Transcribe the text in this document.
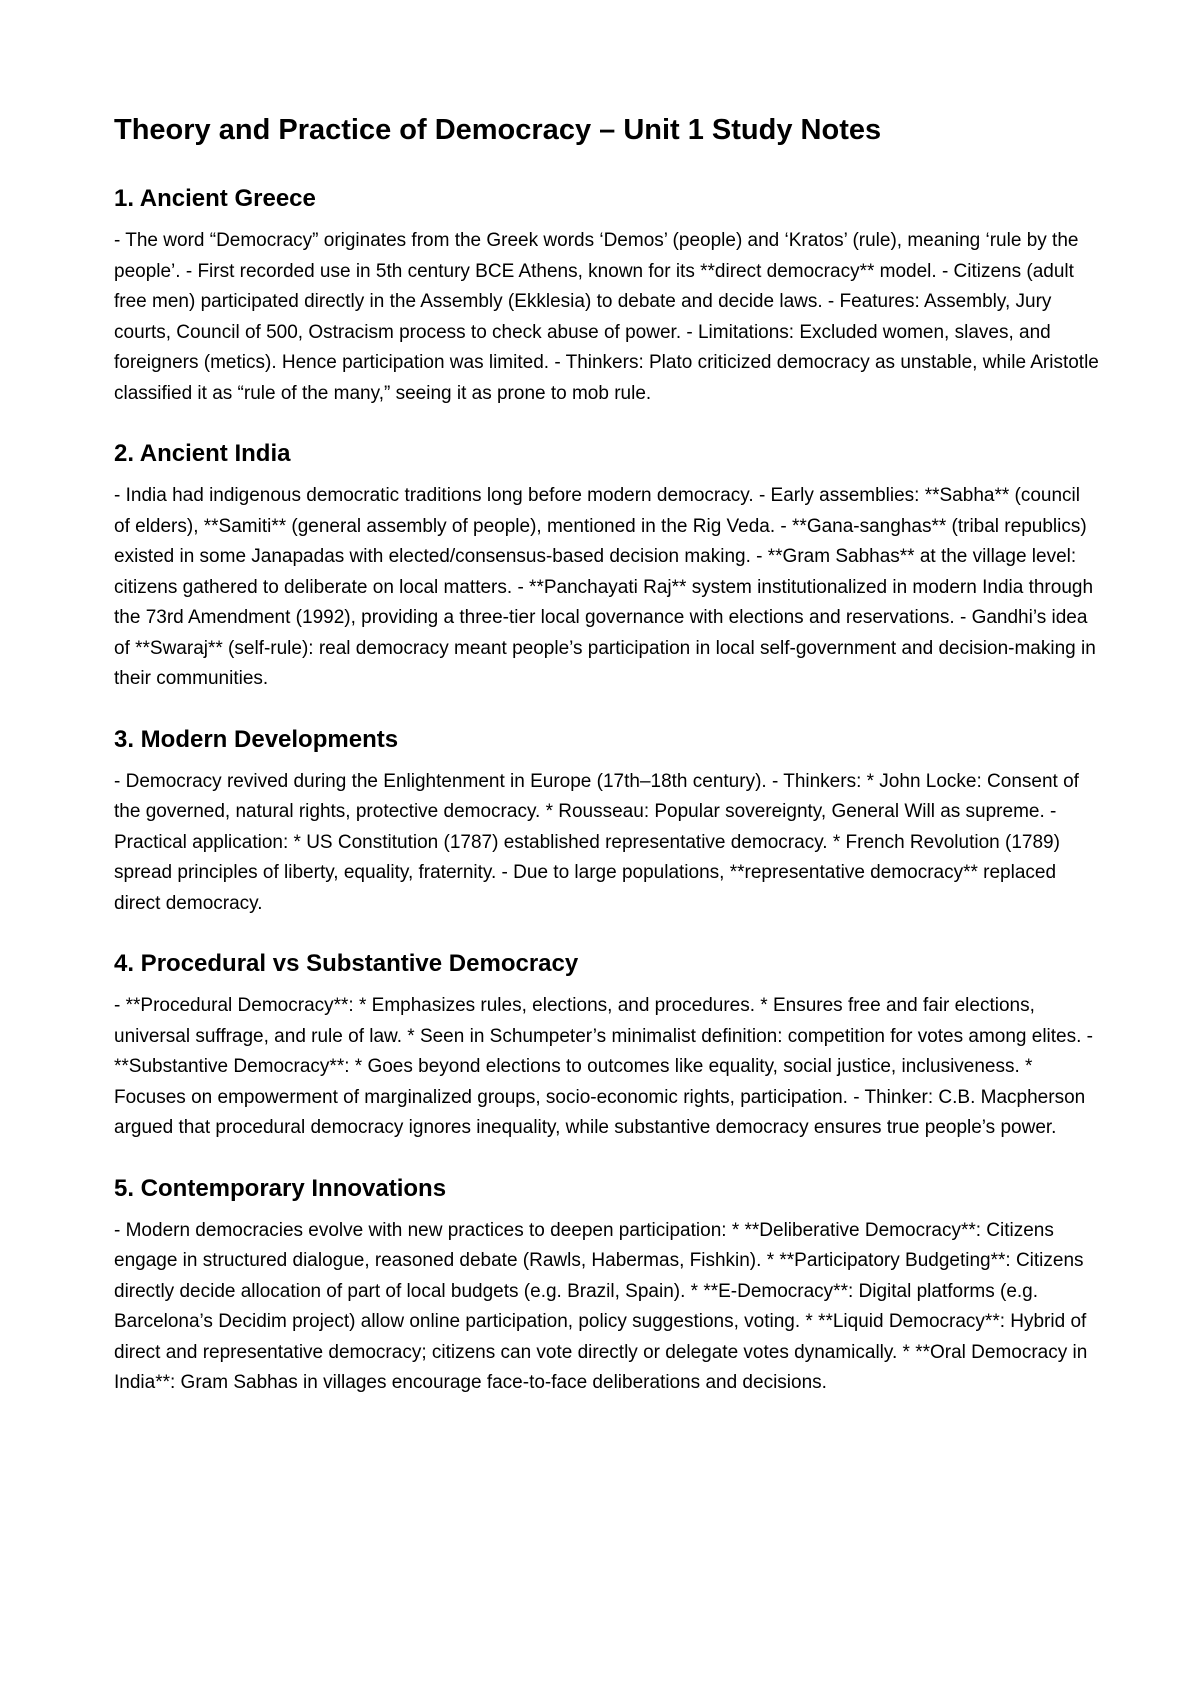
Theory and Practice of Democracy – Unit 1 Study Notes
1. Ancient Greece

- The word “Democracy” originates from the Greek words ‘Demos’ (people) and ‘Kratos’ (rule), meaning ‘rule by the people’. - First recorded use in 5th century BCE Athens, known for its **direct democracy** model. - Citizens (adult free men) participated directly in the Assembly (Ekklesia) to debate and decide laws. - Features: Assembly, Jury courts, Council of 500, Ostracism process to check abuse of power. - Limitations: Excluded women, slaves, and foreigners (metics). Hence participation was limited. - Thinkers: Plato criticized democracy as unstable, while Aristotle classified it as “rule of the many,” seeing it as prone to mob rule.

2. Ancient India

- India had indigenous democratic traditions long before modern democracy. - Early assemblies: **Sabha** (council of elders), **Samiti** (general assembly of people), mentioned in the Rig Veda. - **Gana-sanghas** (tribal republics) existed in some Janapadas with elected/consensus-based decision making. - **Gram Sabhas** at the village level: citizens gathered to deliberate on local matters. - **Panchayati Raj** system institutionalized in modern India through the 73rd Amendment (1992), providing a three-tier local governance with elections and reservations. - Gandhi’s idea of **Swaraj** (self-rule): real democracy meant people’s participation in local self-government and decision-making in their communities.

3. Modern Developments

- Democracy revived during the Enlightenment in Europe (17th–18th century). - Thinkers: * John Locke: Consent of the governed, natural rights, protective democracy. * Rousseau: Popular sovereignty, General Will as supreme. - Practical application: * US Constitution (1787) established representative democracy. * French Revolution (1789) spread principles of liberty, equality, fraternity. - Due to large populations, **representative democracy** replaced direct democracy.

4. Procedural vs Substantive Democracy

- **Procedural Democracy**: * Emphasizes rules, elections, and procedures. * Ensures free and fair elections, universal suffrage, and rule of law. * Seen in Schumpeter’s minimalist definition: competition for votes among elites. - **Substantive Democracy**: * Goes beyond elections to outcomes like equality, social justice, inclusiveness. * Focuses on empowerment of marginalized groups, socio-economic rights, participation. - Thinker: C.B. Macpherson argued that procedural democracy ignores inequality, while substantive democracy ensures true people’s power.

5. Contemporary Innovations

- Modern democracies evolve with new practices to deepen participation: * **Deliberative Democracy**: Citizens engage in structured dialogue, reasoned debate (Rawls, Habermas, Fishkin). * **Participatory Budgeting**: Citizens directly decide allocation of part of local budgets (e.g. Brazil, Spain). * **E-Democracy**: Digital platforms (e.g. Barcelona’s Decidim project) allow online participation, policy suggestions, voting. * **Liquid Democracy**: Hybrid of direct and representative democracy; citizens can vote directly or delegate votes dynamically. * **Oral Democracy in India**: Gram Sabhas in villages encourage face-to-face deliberations and decisions.
